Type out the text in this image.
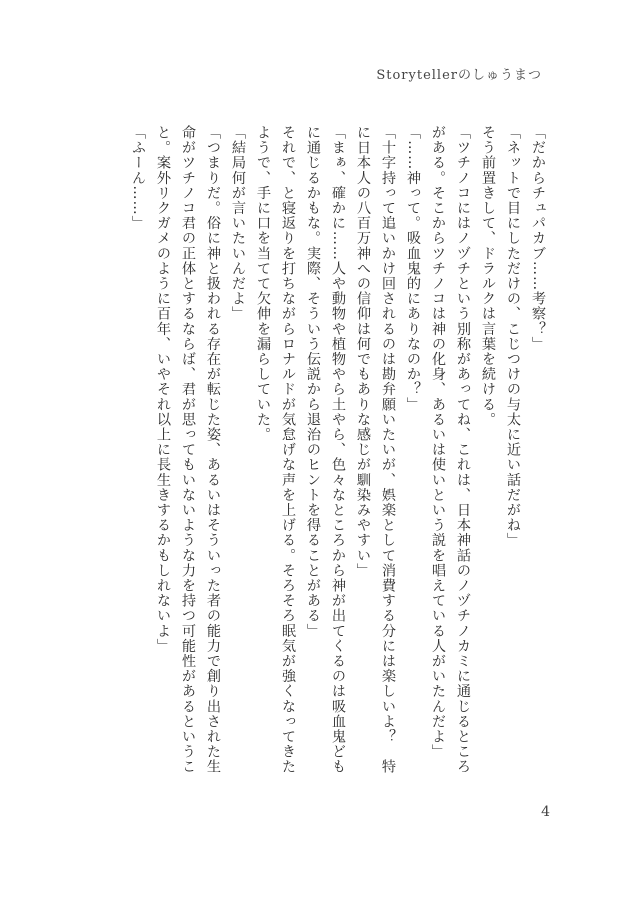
Storytellerのしゅうまつ

「だからチュパカブ……考察？」

「ネットで目にしただけの、こじつけの与太に近い話だがね」

そう前置きして、ドラルクは言葉を続ける。

「ツチノコにはノヅチという別称があってね、これは、日本神話のノヅチノカミに通じるところがある。そこからツチノコは神の化身、あるいは使いという説を唱えている人がいたんだよ」

「……神って。吸血鬼的にありなのか？」

「十字持って追いかけ回されるのは勘弁願いたいが、娯楽として消費する分には楽しいよ？　特に日本人の八百万神への信仰は何でもありな感じが馴染みやすい」

「まぁ、確かに……人や動物や植物やら土やら、色々なところから神が出てくるのは吸血鬼どもに通じるかもな。実際、そういう伝説から退治のヒントを得ることがある」

それで、と寝返りを打ちながらロナルドが気怠げな声を上げる。そろそろ眠気が強くなってきたようで、手に口を当てて欠伸を漏らしていた。

「結局何が言いたいんだよ」

「つまりだ。俗に神と扱われる存在が転じた姿、あるいはそういった者の能力で創り出された生命がツチノコ君の正体とするならば、君が思ってもいないような力を持つ可能性があるということ。案外リクガメのように百年、いやそれ以上に長生きするかもしれないよ」

「ふーん……」

4
